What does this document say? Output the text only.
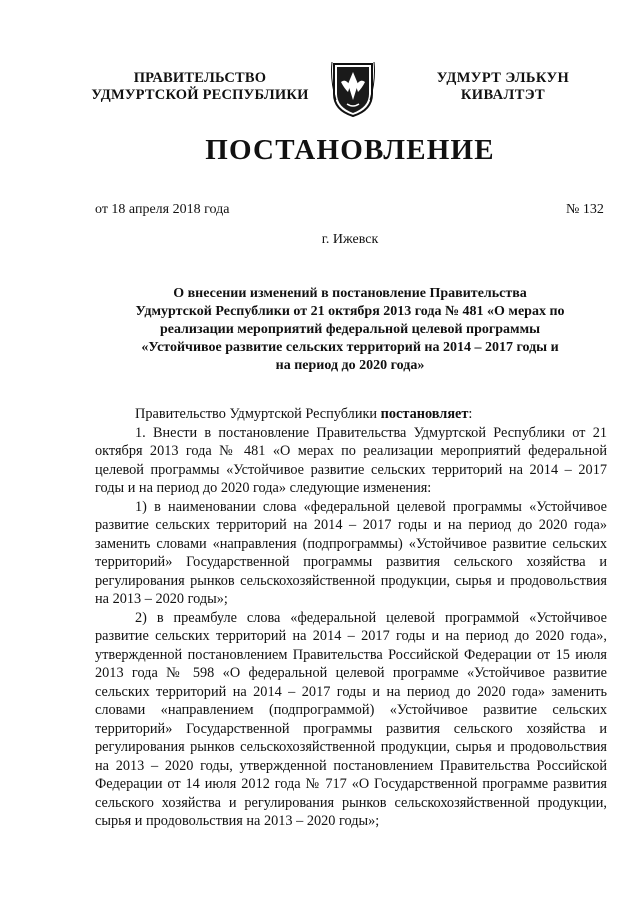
ПРАВИТЕЛЬСТВО
УДМУРТСКОЙ РЕСПУБЛИКИ
УДМУРТ ЭЛЬКУН
КИВАЛТЭТ
ПОСТАНОВЛЕНИЕ
от 18 апреля 2018 года	№ 132
г. Ижевск
О внесении изменений в постановление Правительства
Удмуртской Республики от 21 октября 2013 года № 481 «О мерах по
реализации мероприятий федеральной целевой программы
«Устойчивое развитие сельских территорий на 2014 – 2017 годы и
на период до 2020 года»

Правительство Удмуртской Республики постановляет:

1. Внести в постановление Правительства Удмуртской Республики от 21 октября 2013 года № 481 «О мерах по реализации мероприятий федеральной целевой программы «Устойчивое развитие сельских территорий на 2014 – 2017 годы и на период до 2020 года» следующие изменения:

1) в наименовании слова «федеральной целевой программы «Устойчивое развитие сельских территорий на 2014 – 2017 годы и на период до 2020 года» заменить словами «направления (подпрограммы) «Устойчивое развитие сельских территорий» Государственной программы развития сельского хозяйства и регулирования рынков сельскохозяйственной продукции, сырья и продовольствия на 2013 – 2020 годы»;

2) в преамбуле слова «федеральной целевой программой «Устойчивое развитие сельских территорий на 2014 – 2017 годы и на период до 2020 года», утвержденной постановлением Правительства Российской Федерации от 15 июля 2013 года № 598 «О федеральной целевой программе «Устойчивое развитие сельских территорий на 2014 – 2017 годы и на период до 2020 года» заменить словами «направлением (подпрограммой) «Устойчивое развитие сельских территорий» Государственной программы развития сельского хозяйства и регулирования рынков сельскохозяйственной продукции, сырья и продовольствия на 2013 – 2020 годы, утвержденной постановлением Правительства Российской Федерации от 14 июля 2012 года № 717 «О Государственной программе развития сельского хозяйства и регулирования рынков сельскохозяйственной продукции, сырья и продовольствия на 2013 – 2020 годы»;
